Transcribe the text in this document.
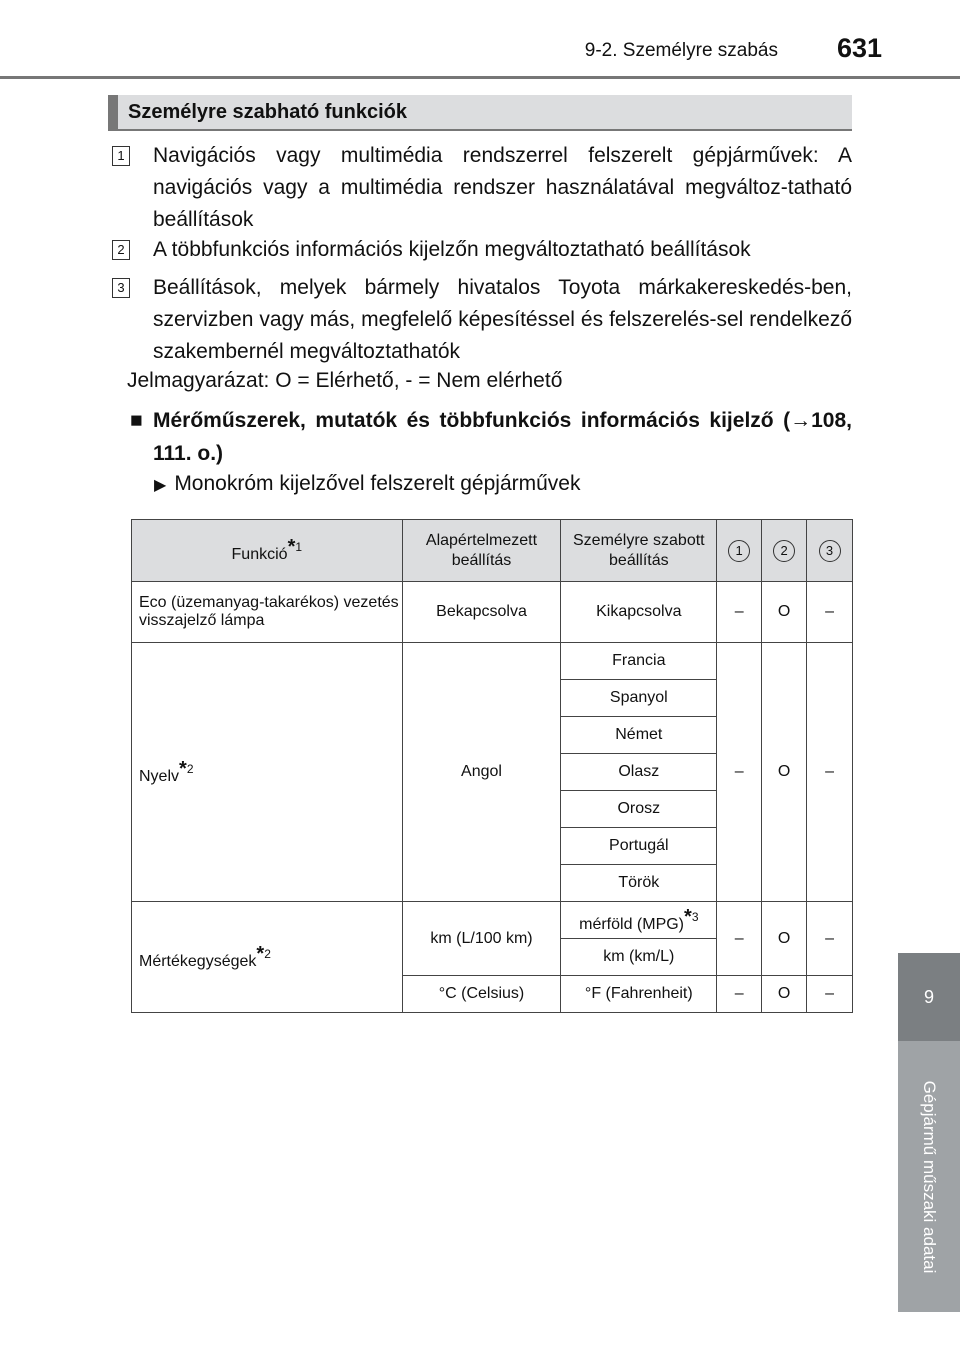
9-2. Személyre szabás 631
9
Gépjármű műszaki adatai
Személyre szabható funkciók
1 Navigációs vagy multimédia rendszerrel felszerelt gépjárművek: A navigációs vagy a multimédia rendszer használatával megváltoz-tatható beállítások
2 A többfunkciós információs kijelzőn megváltoztatható beállítások
3 Beállítások, melyek bármely hivatalos Toyota márkakereskedés-ben, szervizben vagy más, megfelelő képesítéssel és felszerelés-sel rendelkező szakembernél megváltoztathatók
Jelmagyarázat: O = Elérhető, - = Nem elérhető
■ Mérőműszerek, mutatók és többfunkciós információs kijelző (→108, 111. o.)
▶ Monokróm kijelzővel felszerelt gépjárművek
Funkció$^{*1}$	Alapértelmezett beállítás	Személyre szabott beállítás	1	2	3
Eco (üzemanyag-takarékos) vezetés visszajelző lámpa	Bekapcsolva	Kikapcsolva	–	O	–
Nyelv$^{*2}$	Angol	Francia	–	O	–
		Spanyol			
		Német			
		Olasz			
		Orosz			
		Portugál			
		Török			
Mértékegységek$^{*2}$	km (L/100 km)	mérföld (MPG)$^{*3}$	–	O	–
		km (km/L)			
	°C (Celsius)	°F (Fahrenheit)	–	O	–
